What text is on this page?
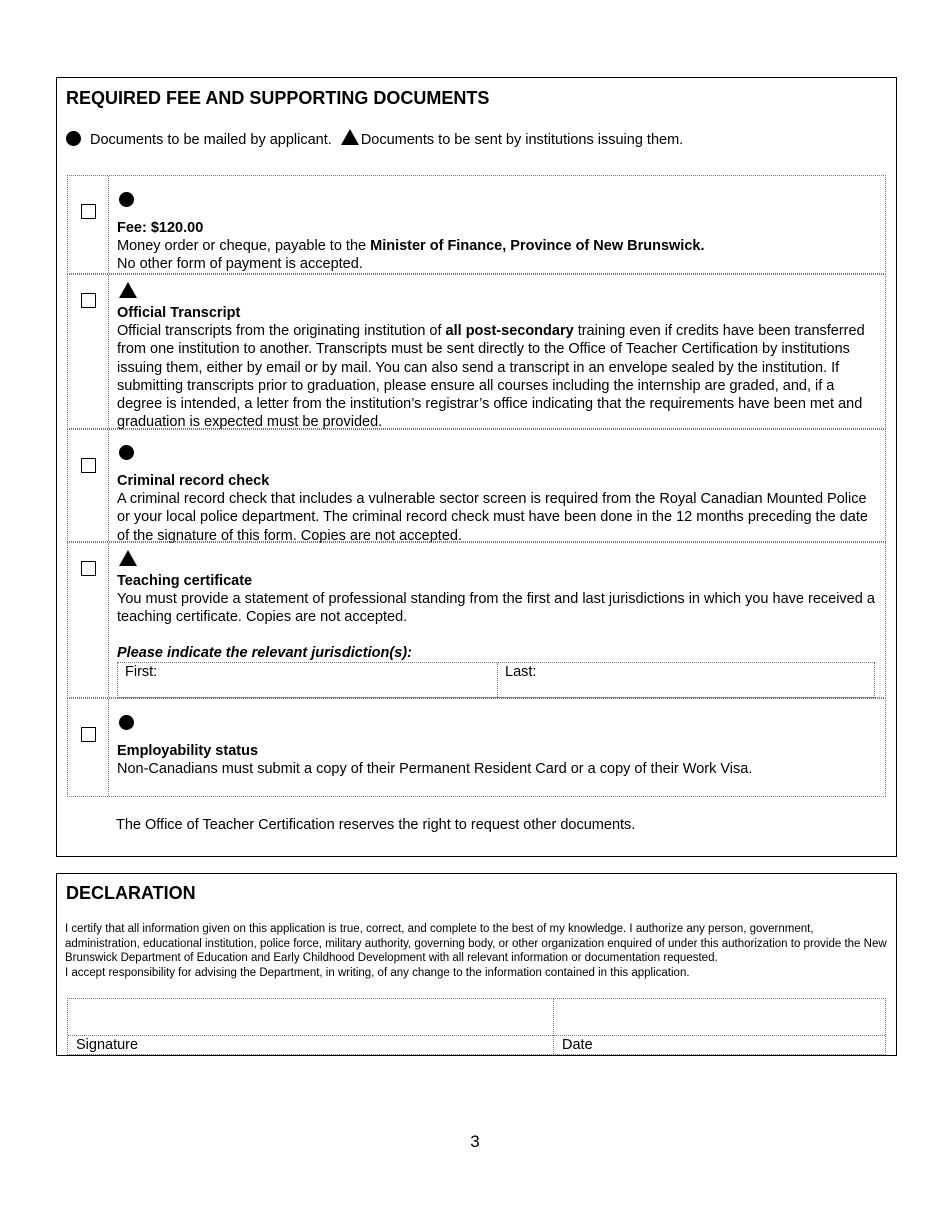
REQUIRED FEE AND SUPPORTING DOCUMENTS
Documents to be mailed by applicant. Documents to be sent by institutions issuing them.
Fee: $120.00
Money order or cheque, payable to the Minister of Finance, Province of New Brunswick.
No other form of payment is accepted.
Official Transcript
Official transcripts from the originating institution of all post-secondary training even if credits have been transferred from one institution to another. Transcripts must be sent directly to the Office of Teacher Certification by institutions issuing them, either by email or by mail. You can also send a transcript in an envelope sealed by the institution. If submitting transcripts prior to graduation, please ensure all courses including the internship are graded, and, if a degree is intended, a letter from the institution’s registrar’s office indicating that the requirements have been met and graduation is expected must be provided.
Criminal record check
A criminal record check that includes a vulnerable sector screen is required from the Royal Canadian Mounted Police or your local police department. The criminal record check must have been done in the 12 months preceding the date of the signature of this form. Copies are not accepted.
Teaching certificate
You must provide a statement of professional standing from the first and last jurisdictions in which you have received a teaching certificate. Copies are not accepted.
Please indicate the relevant jurisdiction(s):
First:	Last:
Employability status
Non-Canadians must submit a copy of their Permanent Resident Card or a copy of their Work Visa.
The Office of Teacher Certification reserves the right to request other documents.
DECLARATION
I certify that all information given on this application is true, correct, and complete to the best of my knowledge. I authorize any person, government, administration, educational institution, police force, military authority, governing body, or other organization enquired of under this authorization to provide the New Brunswick Department of Education and Early Childhood Development with all relevant information or documentation requested.
I accept responsibility for advising the Department, in writing, of any change to the information contained in this application.
Signature	Date
3
